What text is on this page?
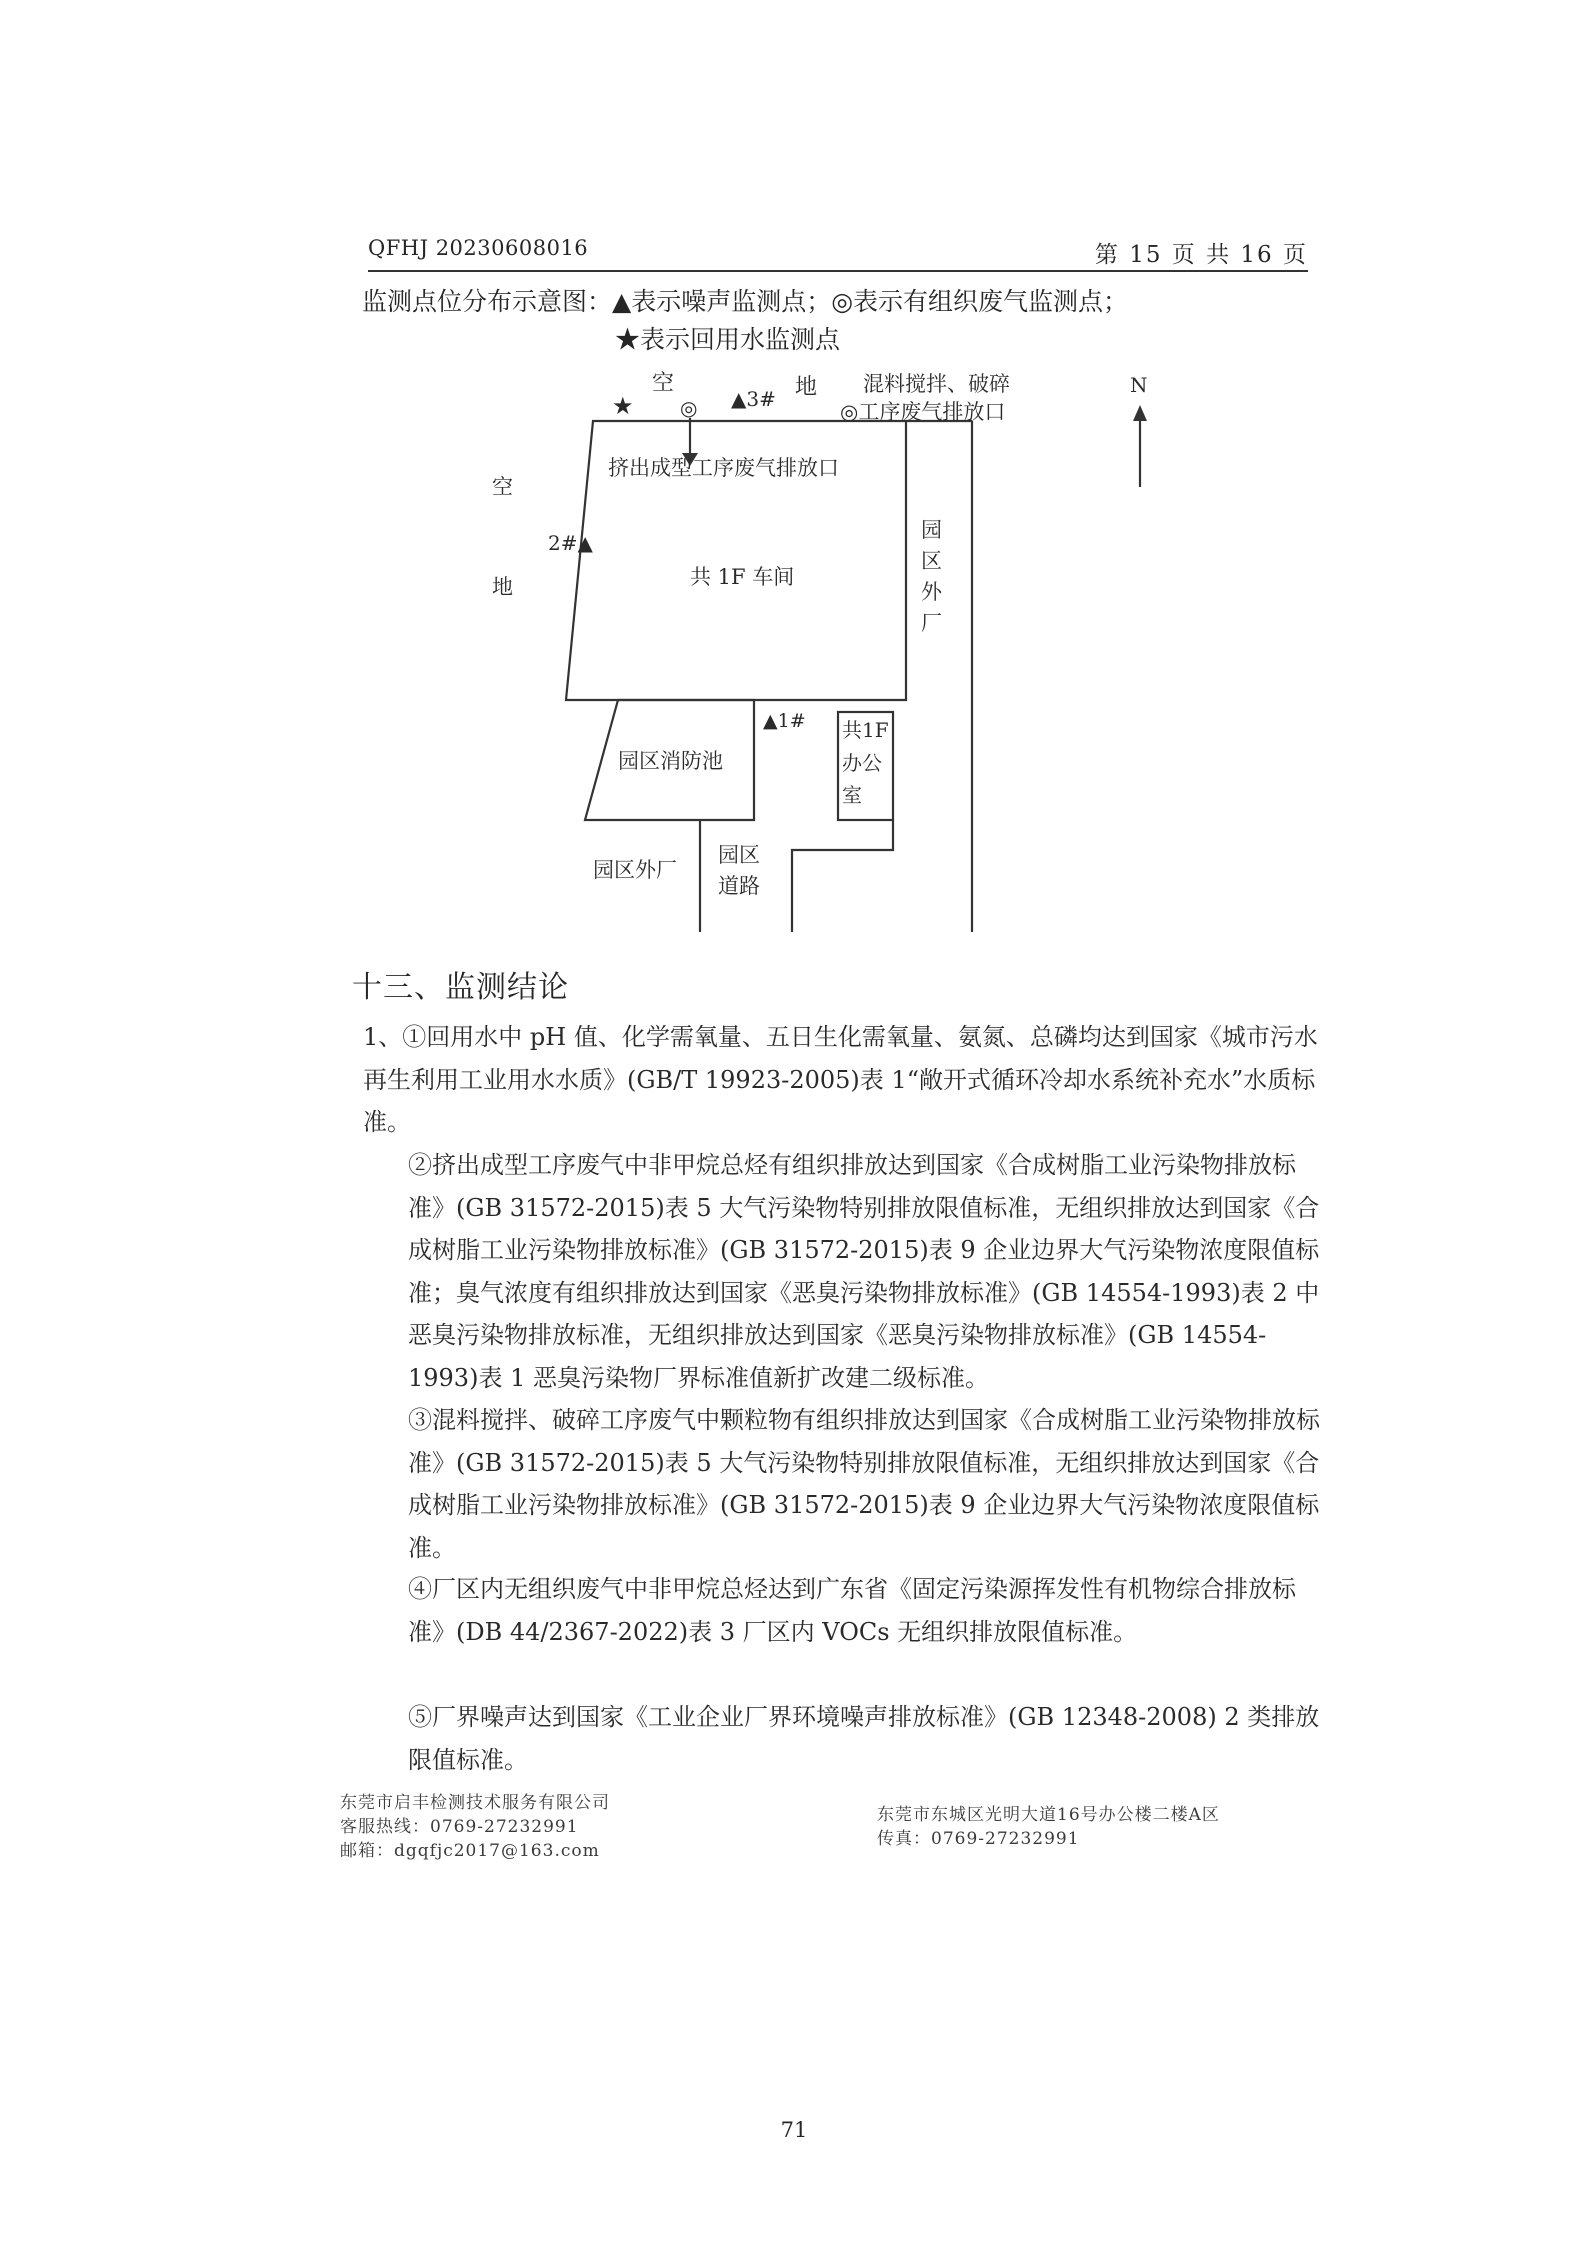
QFHJ 20230608016	第 15 页 共 16 页
监测点位分布示意图：▲表示噪声监测点；◎表示有组织废气监测点；
★表示回用水监测点
N
空	地
★ ◎ ▲3#
混料搅拌、破碎
◎工序废气排放口
挤出成型工序废气排放口
空
地
2#▲
共 1F 车间
园
区
外
厂
▲1#
园区消防池
共1F
办公
室
园区外厂
园区
道路
十三、监测结论
1、①回用水中 pH 值、化学需氧量、五日生化需氧量、氨氮、总磷均达到国家《城市污水再生利用工业用水水质》(GB/T 19923-2005)表 1“敞开式循环冷却水系统补充水”水质标准。
②挤出成型工序废气中非甲烷总烃有组织排放达到国家《合成树脂工业污染物排放标准》(GB 31572-2015)表 5 大气污染物特别排放限值标准，无组织排放达到国家《合成树脂工业污染物排放标准》(GB 31572-2015)表 9 企业边界大气污染物浓度限值标准；臭气浓度有组织排放达到国家《恶臭污染物排放标准》(GB 14554-1993)表 2 中恶臭污染物排放标准，无组织排放达到国家《恶臭污染物排放标准》(GB 14554-1993)表 1 恶臭污染物厂界标准值新扩改建二级标准。
③混料搅拌、破碎工序废气中颗粒物有组织排放达到国家《合成树脂工业污染物排放标准》(GB 31572-2015)表 5 大气污染物特别排放限值标准，无组织排放达到国家《合成树脂工业污染物排放标准》(GB 31572-2015)表 9 企业边界大气污染物浓度限值标准。
④厂区内无组织废气中非甲烷总烃达到广东省《固定污染源挥发性有机物综合排放标准》(DB 44/2367-2022)表 3 厂区内 VOCs 无组织排放限值标准。
⑤厂界噪声达到国家《工业企业厂界环境噪声排放标准》(GB 12348-2008) 2 类排放限值标准。
东莞市启丰检测技术服务有限公司
客服热线：0769-27232991
邮箱：dgqfjc2017@163.com
东莞市东城区光明大道16号办公楼二楼A区
传真：0769-27232991
71
